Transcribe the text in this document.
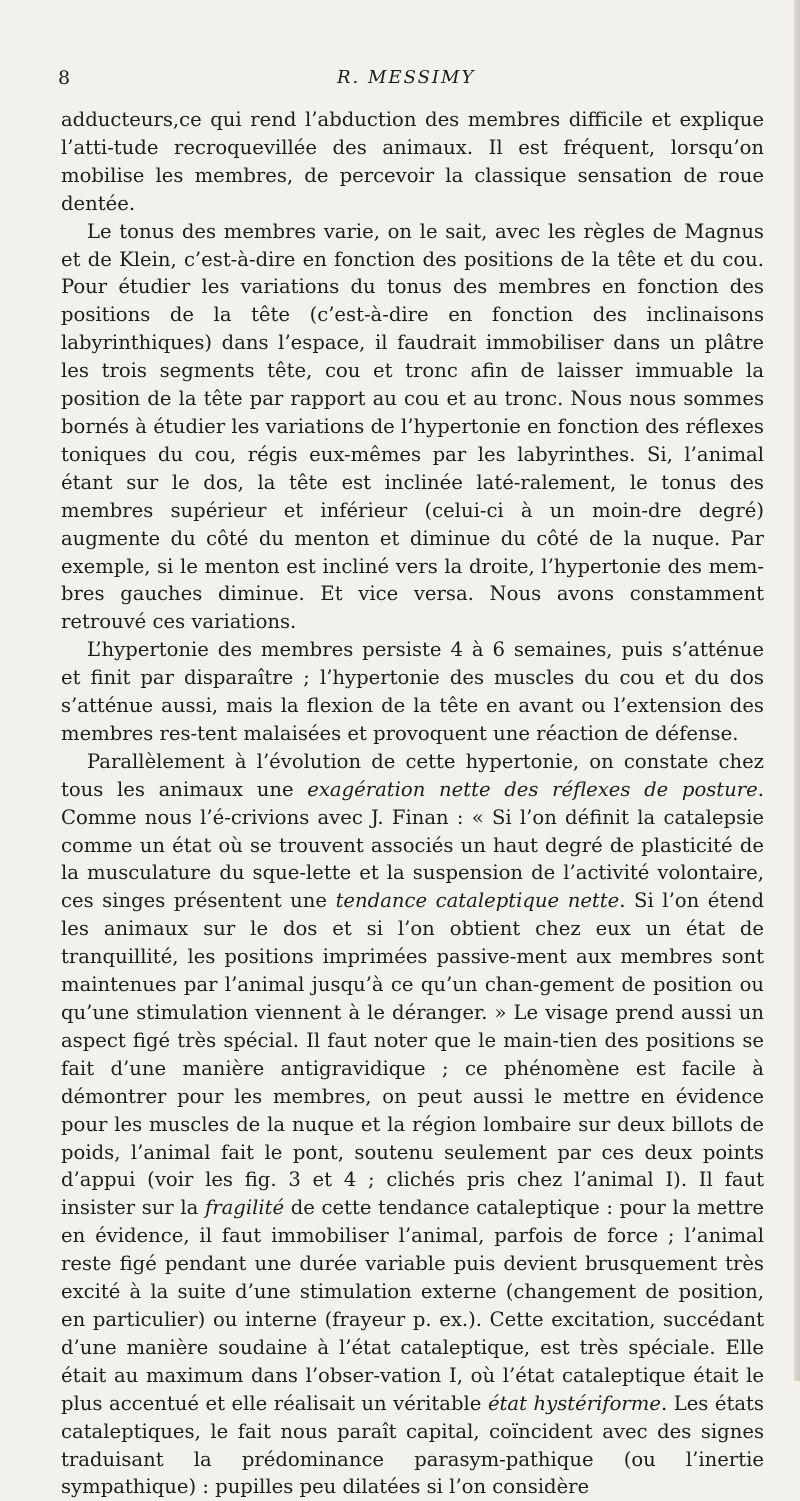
8	R. MESSIMY

adducteurs,ce qui rend l’abduction des membres difficile et explique l’atti-tude recroquevillée des animaux. Il est fréquent, lorsqu’on mobilise les membres, de percevoir la classique sensation de roue dentée.

Le tonus des membres varie, on le sait, avec les règles de Magnus et de Klein, c’est-à-dire en fonction des positions de la tête et du cou. Pour étudier les variations du tonus des membres en fonction des positions de la tête (c’est-à-dire en fonction des inclinaisons labyrinthiques) dans l’espace, il faudrait immobiliser dans un plâtre les trois segments tête, cou et tronc afin de laisser immuable la position de la tête par rapport au cou et au tronc. Nous nous sommes bornés à étudier les variations de l’hypertonie en fonction des réflexes toniques du cou, régis eux-mêmes par les labyrinthes. Si, l’animal étant sur le dos, la tête est inclinée laté-ralement, le tonus des membres supérieur et inférieur (celui-ci à un moin-dre degré) augmente du côté du menton et diminue du côté de la nuque. Par exemple, si le menton est incliné vers la droite, l’hypertonie des mem-bres gauches diminue. Et vice versa. Nous avons constamment retrouvé ces variations.

L’hypertonie des membres persiste 4 à 6 semaines, puis s’atténue et finit par disparaître ; l’hypertonie des muscles du cou et du dos s’atténue aussi, mais la flexion de la tête en avant ou l’extension des membres res-tent malaisées et provoquent une réaction de défense.

Parallèlement à l’évolution de cette hypertonie, on constate chez tous les animaux une exagération nette des réflexes de posture. Comme nous l’é-crivions avec J. Finan : « Si l’on définit la catalepsie comme un état où se trouvent associés un haut degré de plasticité de la musculature du sque-lette et la suspension de l’activité volontaire, ces singes présentent une tendance cataleptique nette. Si l’on étend les animaux sur le dos et si l’on obtient chez eux un état de tranquillité, les positions imprimées passive-ment aux membres sont maintenues par l’animal jusqu’à ce qu’un chan-gement de position ou qu’une stimulation viennent à le déranger. » Le visage prend aussi un aspect figé très spécial. Il faut noter que le main-tien des positions se fait d’une manière antigravidique ; ce phénomène est facile à démontrer pour les membres, on peut aussi le mettre en évidence pour les muscles de la nuque et la région lombaire sur deux billots de poids, l’animal fait le pont, soutenu seulement par ces deux points d’appui (voir les fig. 3 et 4 ; clichés pris chez l’animal I). Il faut insister sur la fragilité de cette tendance cataleptique : pour la mettre en évidence, il faut immobiliser l’animal, parfois de force ; l’animal reste figé pendant une durée variable puis devient brusquement très excité à la suite d’une stimulation externe (changement de position, en particulier) ou interne (frayeur p. ex.). Cette excitation, succédant d’une manière soudaine à l’état cataleptique, est très spéciale. Elle était au maximum dans l’obser-vation I, où l’état cataleptique était le plus accentué et elle réalisait un véritable état hystériforme. Les états cataleptiques, le fait nous paraît capital, coïncident avec des signes traduisant la prédominance parasym-pathique (ou l’inertie sympathique) : pupilles peu dilatées si l’on considère
